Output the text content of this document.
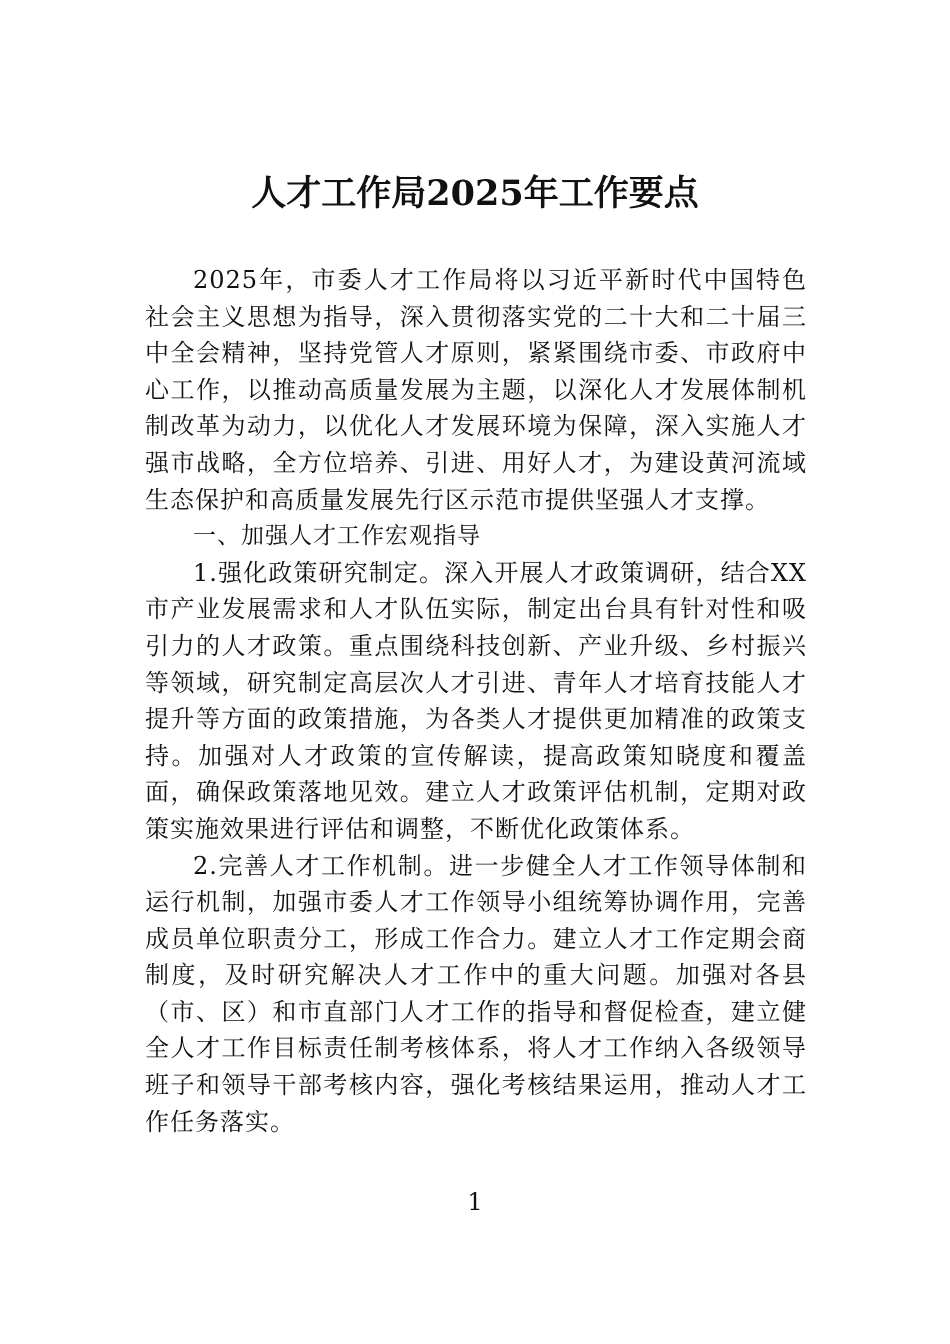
人才工作局2025年工作要点

2025年，市委人才工作局将以习近平新时代中国特色社会主义思想为指导，深入贯彻落实党的二十大和二十届三中全会精神，坚持党管人才原则，紧紧围绕市委、市政府中心工作，以推动高质量发展为主题，以深化人才发展体制机制改革为动力，以优化人才发展环境为保障，深入实施人才强市战略，全方位培养、引进、用好人才，为建设黄河流域生态保护和高质量发展先行区示范市提供坚强人才支撑。

一、加强人才工作宏观指导

1.强化政策研究制定。深入开展人才政策调研，结合XX市产业发展需求和人才队伍实际，制定出台具有针对性和吸引力的人才政策。重点围绕科技创新、产业升级、乡村振兴等领域，研究制定高层次人才引进、青年人才培育技能人才提升等方面的政策措施，为各类人才提供更加精准的政策支持。加强对人才政策的宣传解读，提高政策知晓度和覆盖面，确保政策落地见效。建立人才政策评估机制，定期对政策实施效果进行评估和调整，不断优化政策体系。

2.完善人才工作机制。进一步健全人才工作领导体制和运行机制，加强市委人才工作领导小组统筹协调作用，完善成员单位职责分工，形成工作合力。建立人才工作定期会商制度，及时研究解决人才工作中的重大问题。加强对各县（市、区）和市直部门人才工作的指导和督促检查，建立健全人才工作目标责任制考核体系，将人才工作纳入各级领导班子和领导干部考核内容，强化考核结果运用，推动人才工作任务落实。

1
